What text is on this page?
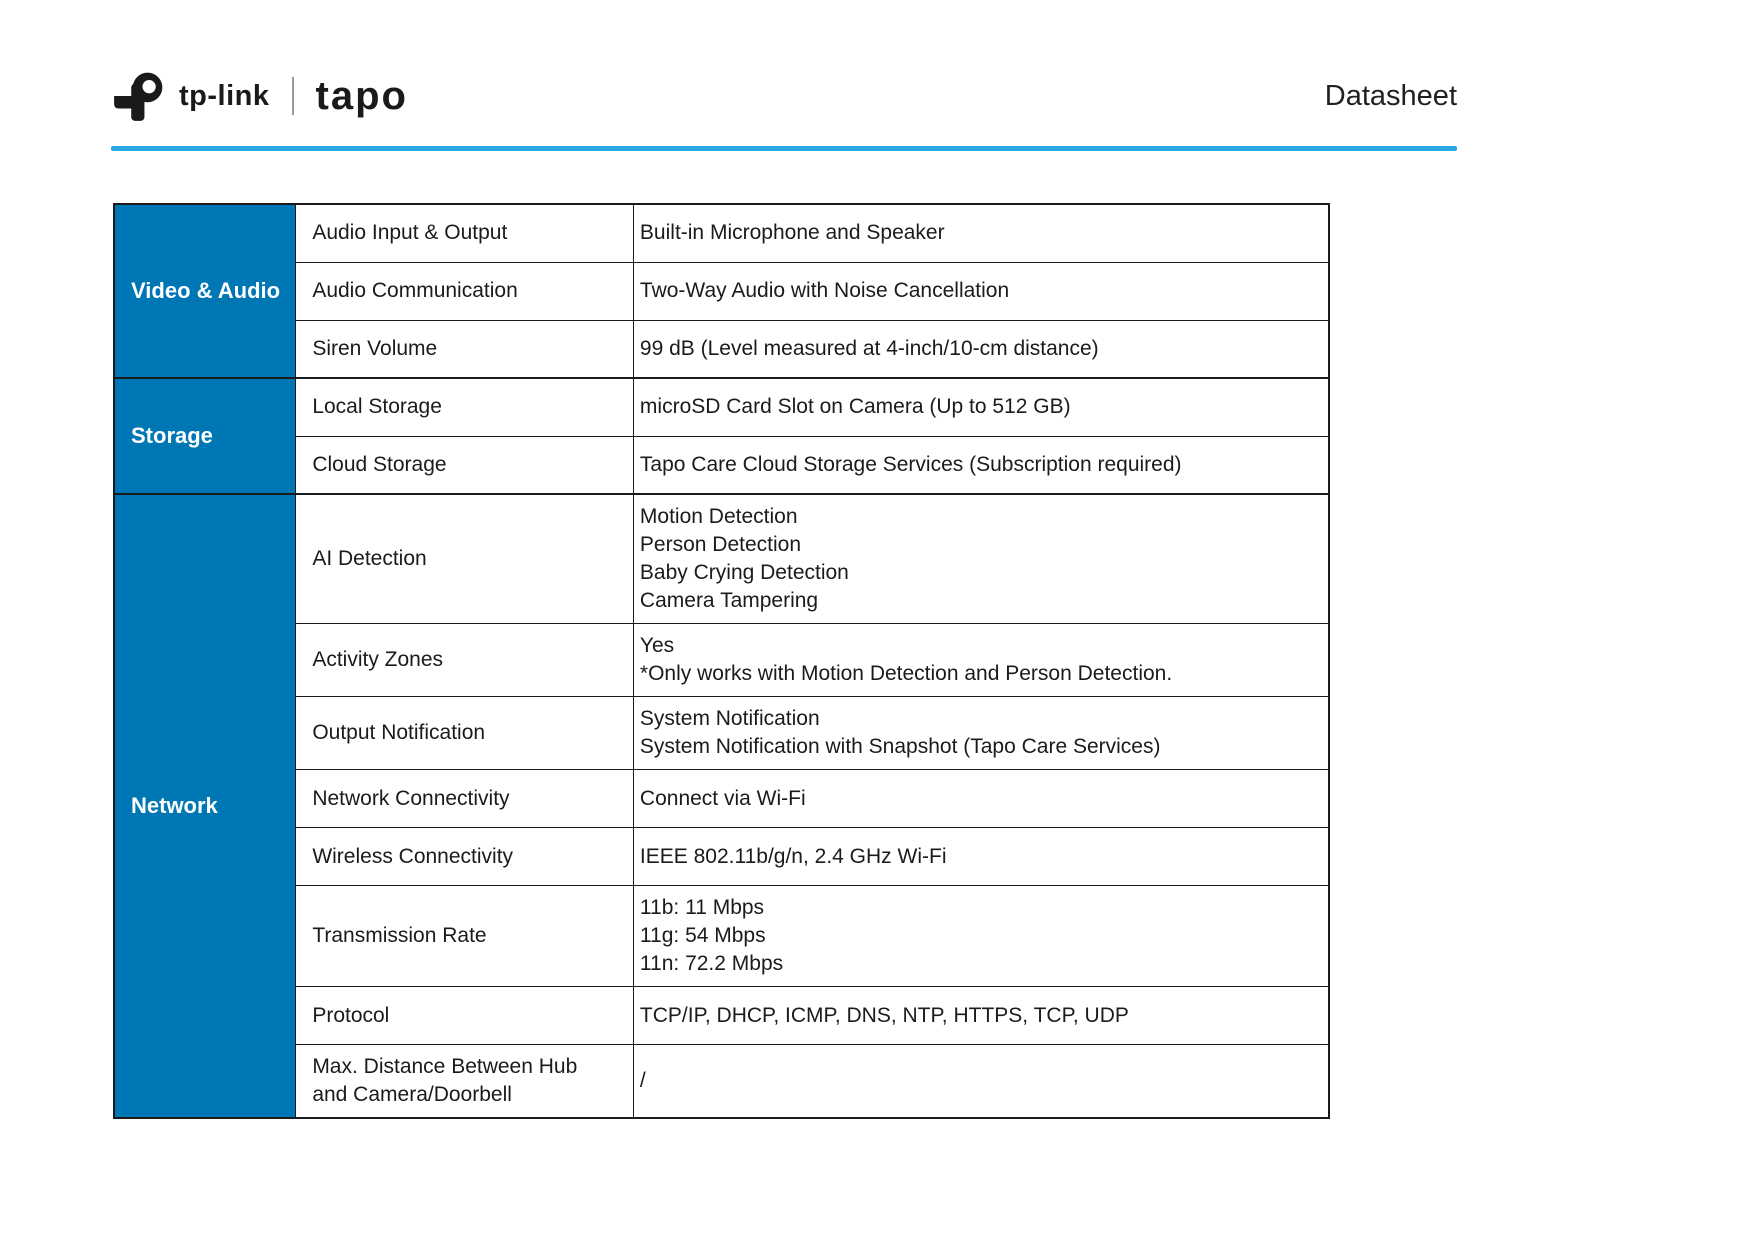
tp-link tapo	Datasheet
Video & Audio	Audio Input & Output	Built-in Microphone and Speaker
	Audio Communication	Two-Way Audio with Noise Cancellation
	Siren Volume	99 dB (Level measured at 4-inch/10-cm distance)
Storage	Local Storage	microSD Card Slot on Camera (Up to 512 GB)
	Cloud Storage	Tapo Care Cloud Storage Services (Subscription required)
Network	AI Detection	Motion Detection
Person Detection
Baby Crying Detection
Camera Tampering
	Activity Zones	Yes
*Only works with Motion Detection and Person Detection.
	Output Notification	System Notification
System Notification with Snapshot (Tapo Care Services)
	Network Connectivity	Connect via Wi-Fi
	Wireless Connectivity	IEEE 802.11b/g/n, 2.4 GHz Wi-Fi
	Transmission Rate	11b: 11 Mbps
11g: 54 Mbps
11n: 72.2 Mbps
	Protocol	TCP/IP, DHCP, ICMP, DNS, NTP, HTTPS, TCP, UDP
	Max. Distance Between Hub and Camera/Doorbell	/
